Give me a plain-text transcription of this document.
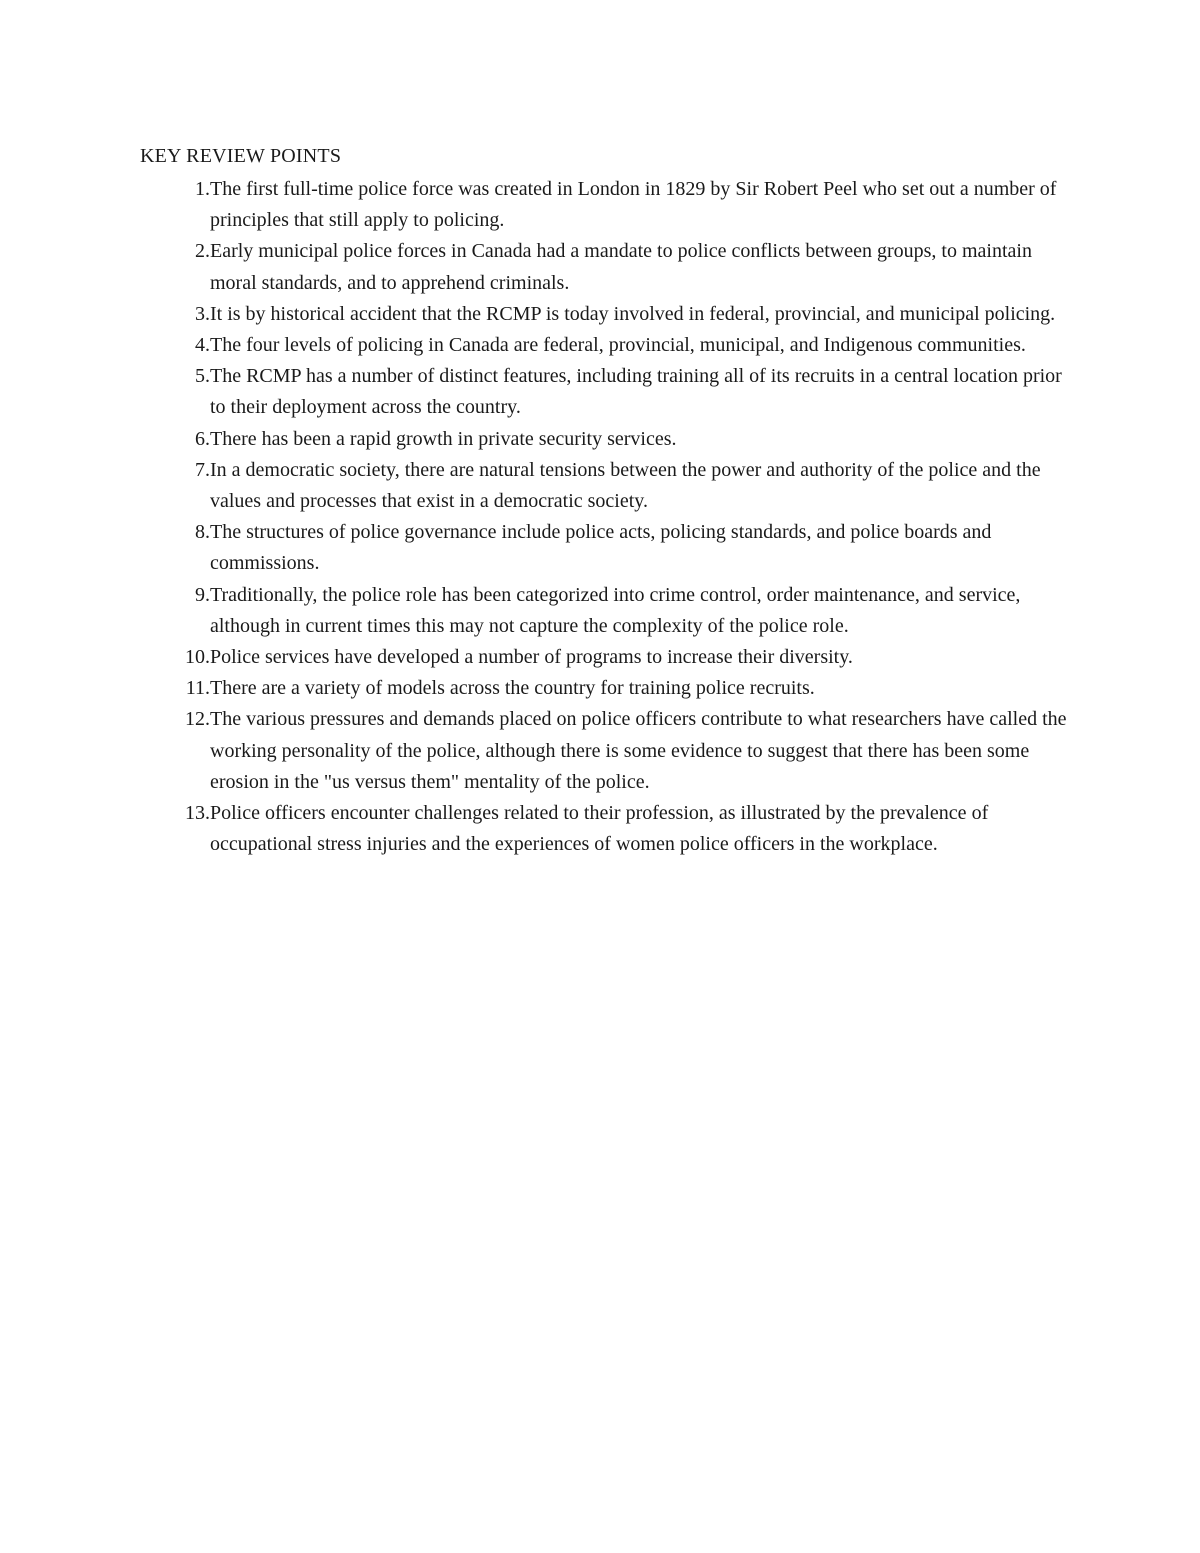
KEY REVIEW POINTS
1. The first full-time police force was created in London in 1829 by Sir Robert Peel who set out a number of principles that still apply to policing.
2. Early municipal police forces in Canada had a mandate to police conflicts between groups, to maintain moral standards, and to apprehend criminals.
3. It is by historical accident that the RCMP is today involved in federal, provincial, and municipal policing.
4. The four levels of policing in Canada are federal, provincial, municipal, and Indigenous communities.
5. The RCMP has a number of distinct features, including training all of its recruits in a central location prior to their deployment across the country.
6. There has been a rapid growth in private security services.
7. In a democratic society, there are natural tensions between the power and authority of the police and the values and processes that exist in a democratic society.
8. The structures of police governance include police acts, policing standards, and police boards and commissions.
9. Traditionally, the police role has been categorized into crime control, order maintenance, and service, although in current times this may not capture the complexity of the police role.
10. Police services have developed a number of programs to increase their diversity.
11. There are a variety of models across the country for training police recruits.
12. The various pressures and demands placed on police officers contribute to what researchers have called the working personality of the police, although there is some evidence to suggest that there has been some erosion in the "us versus them" mentality of the police.
13. Police officers encounter challenges related to their profession, as illustrated by the prevalence of occupational stress injuries and the experiences of women police officers in the workplace.
